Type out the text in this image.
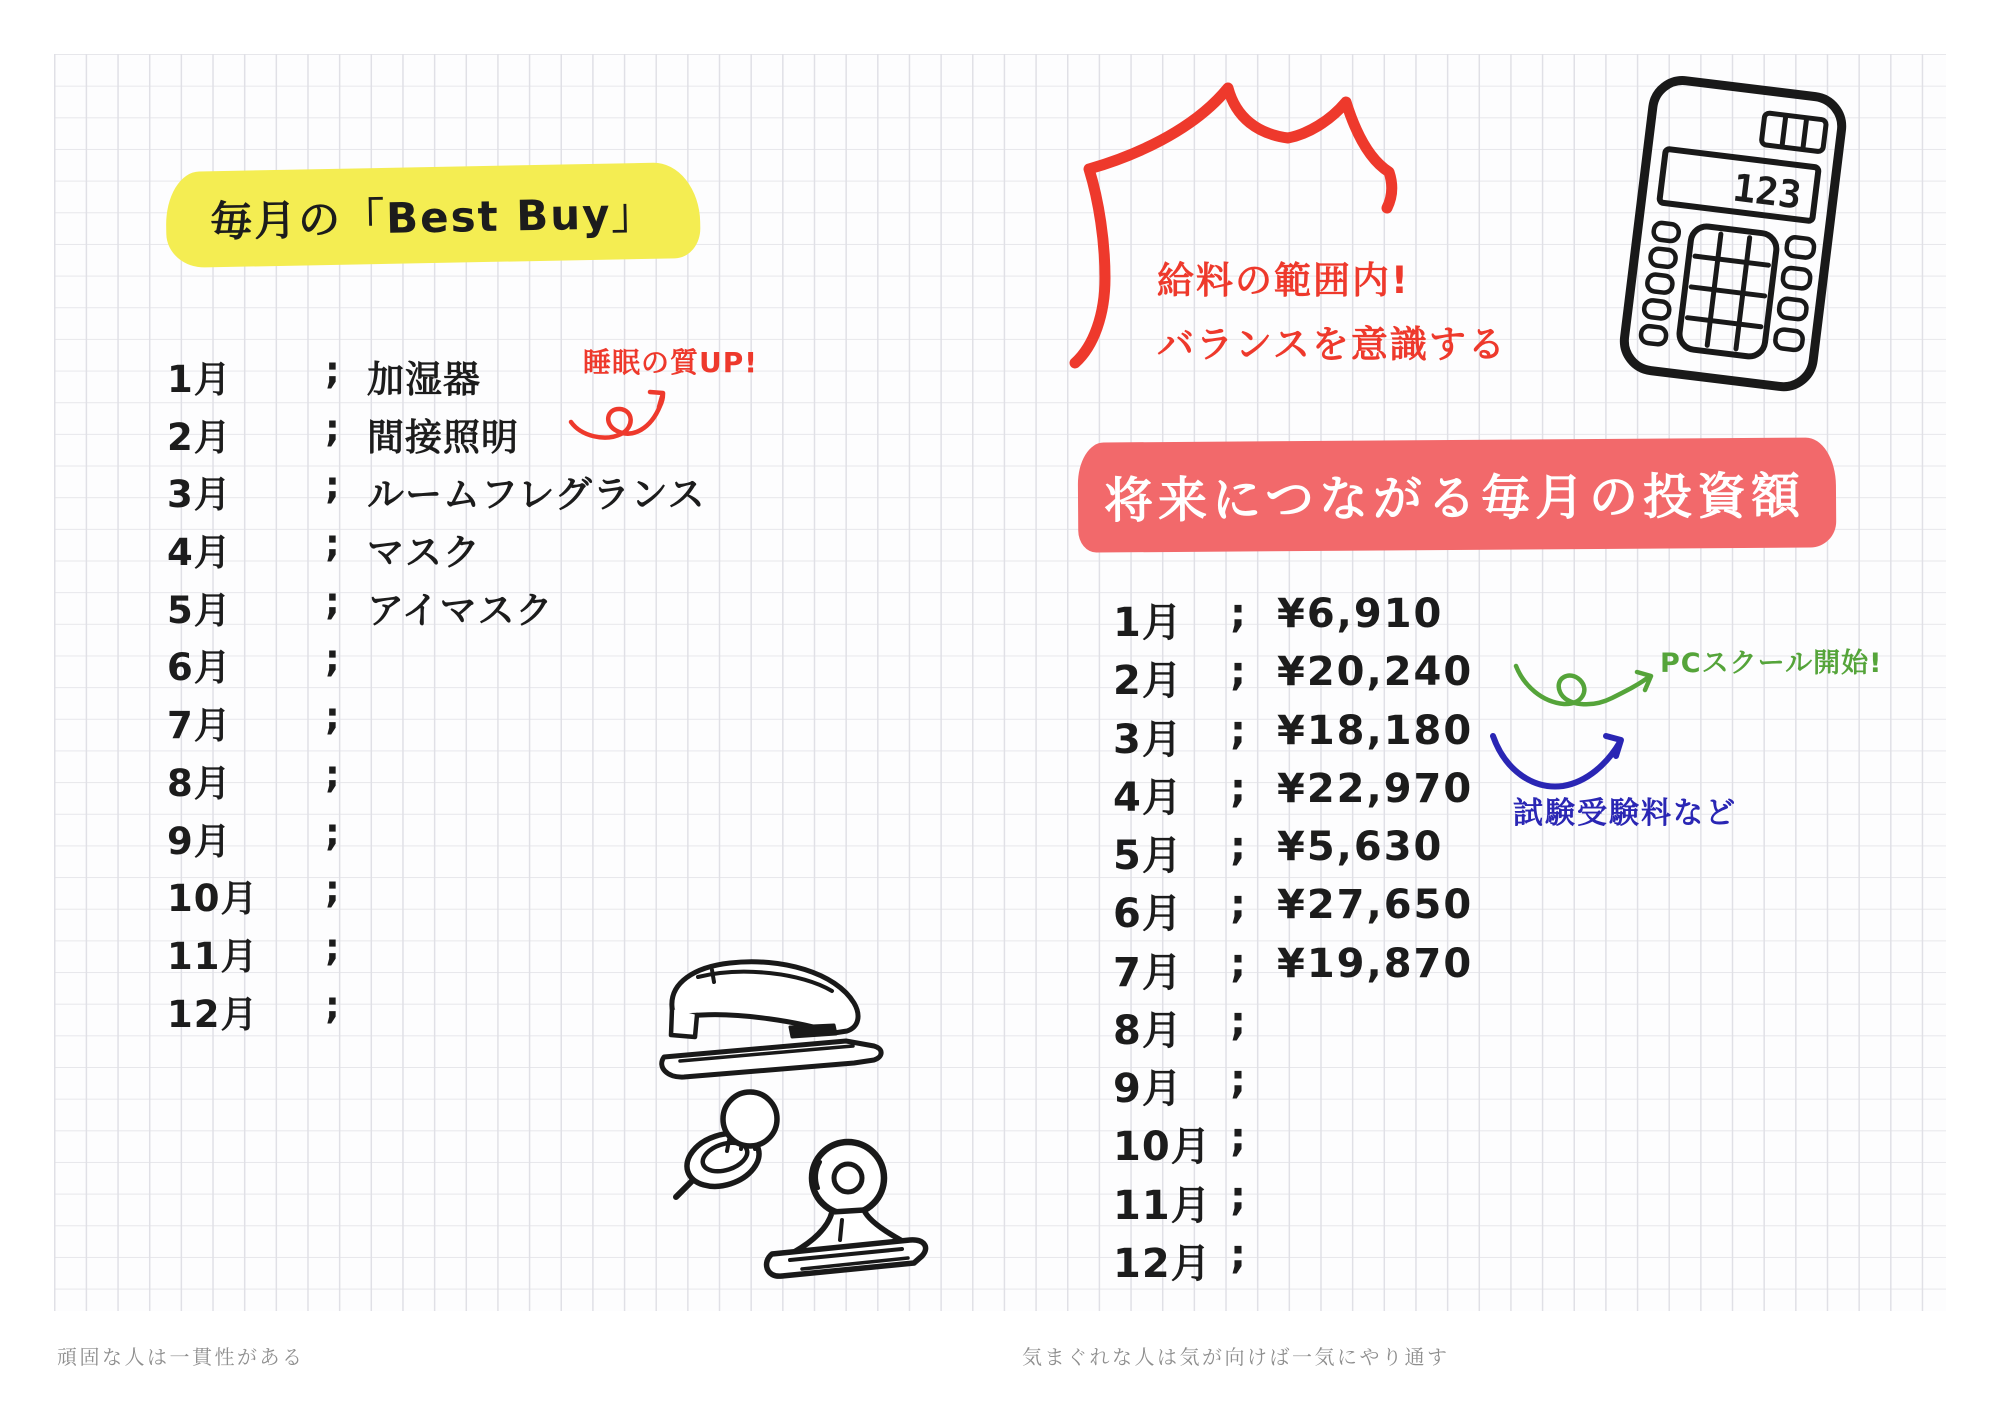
毎月の「Best Buy」
1月	; 加湿器
2月	; 間接照明
3月	; ルームフレグランス
4月	; マスク
5月	; アイマスク
6月	;
7月	;
8月	;
9月	;
10月	;
11月	;
12月	;
睡眠の質UP!
頑固な人は一貫性がある
給料の範囲内!
バランスを意識する
123
将来につながる毎月の投資額
1月	; ¥6,910
2月	; ¥20,240
3月	; ¥18,180
4月	; ¥22,970
5月	; ¥5,630
6月	; ¥27,650
7月	; ¥19,870
8月	;
9月	;
10月 ;
11月 ;
12月 ;
PCスクール開始!
試験受験料など
気まぐれな人は気が向けば一気にやり通す
